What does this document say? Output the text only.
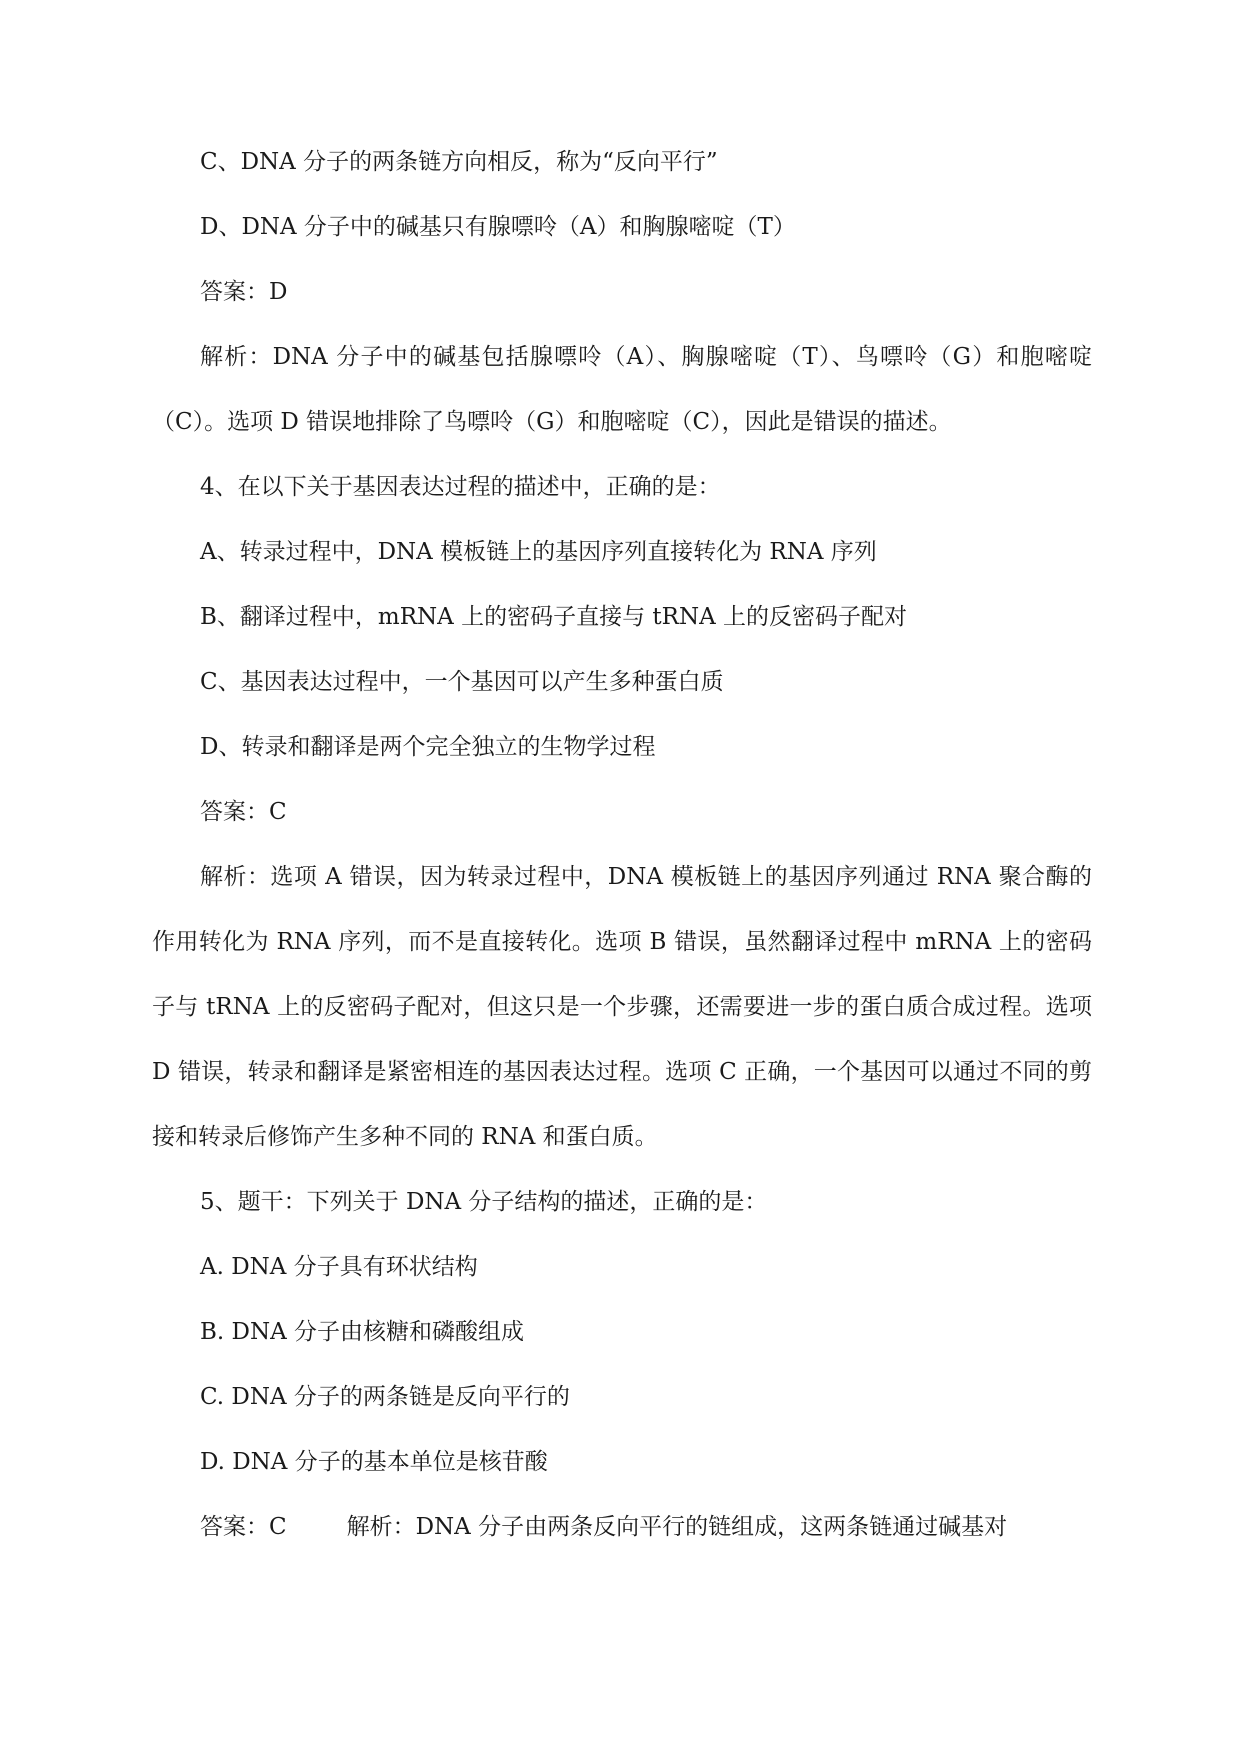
C、DNA 分子的两条链方向相反，称为“反向平行”
D、DNA 分子中的碱基只有腺嘌呤（A）和胸腺嘧啶（T）
答案：D

解析：DNA 分子中的碱基包括腺嘌呤（A）、胸腺嘧啶（T）、鸟嘌呤（G）和胞嘧啶（C）。选项 D 错误地排除了鸟嘌呤（G）和胞嘧啶（C），因此是错误的描述。

4、在以下关于基因表达过程的描述中，正确的是：
A、转录过程中，DNA 模板链上的基因序列直接转化为 RNA 序列
B、翻译过程中，mRNA 上的密码子直接与 tRNA 上的反密码子配对
C、基因表达过程中，一个基因可以产生多种蛋白质
D、转录和翻译是两个完全独立的生物学过程
答案：C

解析：选项 A 错误，因为转录过程中，DNA 模板链上的基因序列通过 RNA 聚合酶的作用转化为 RNA 序列，而不是直接转化。选项 B 错误，虽然翻译过程中 mRNA 上的密码子与 tRNA 上的反密码子配对，但这只是一个步骤，还需要进一步的蛋白质合成过程。选项 D 错误，转录和翻译是紧密相连的基因表达过程。选项 C 正确，一个基因可以通过不同的剪接和转录后修饰产生多种不同的 RNA 和蛋白质。

5、题干：下列关于 DNA 分子结构的描述，正确的是：
A. DNA 分子具有环状结构
B. DNA 分子由核糖和磷酸组成
C. DNA 分子的两条链是反向平行的
D. DNA 分子的基本单位是核苷酸
答案：C	解析：DNA 分子由两条反向平行的链组成，这两条链通过碱基对
